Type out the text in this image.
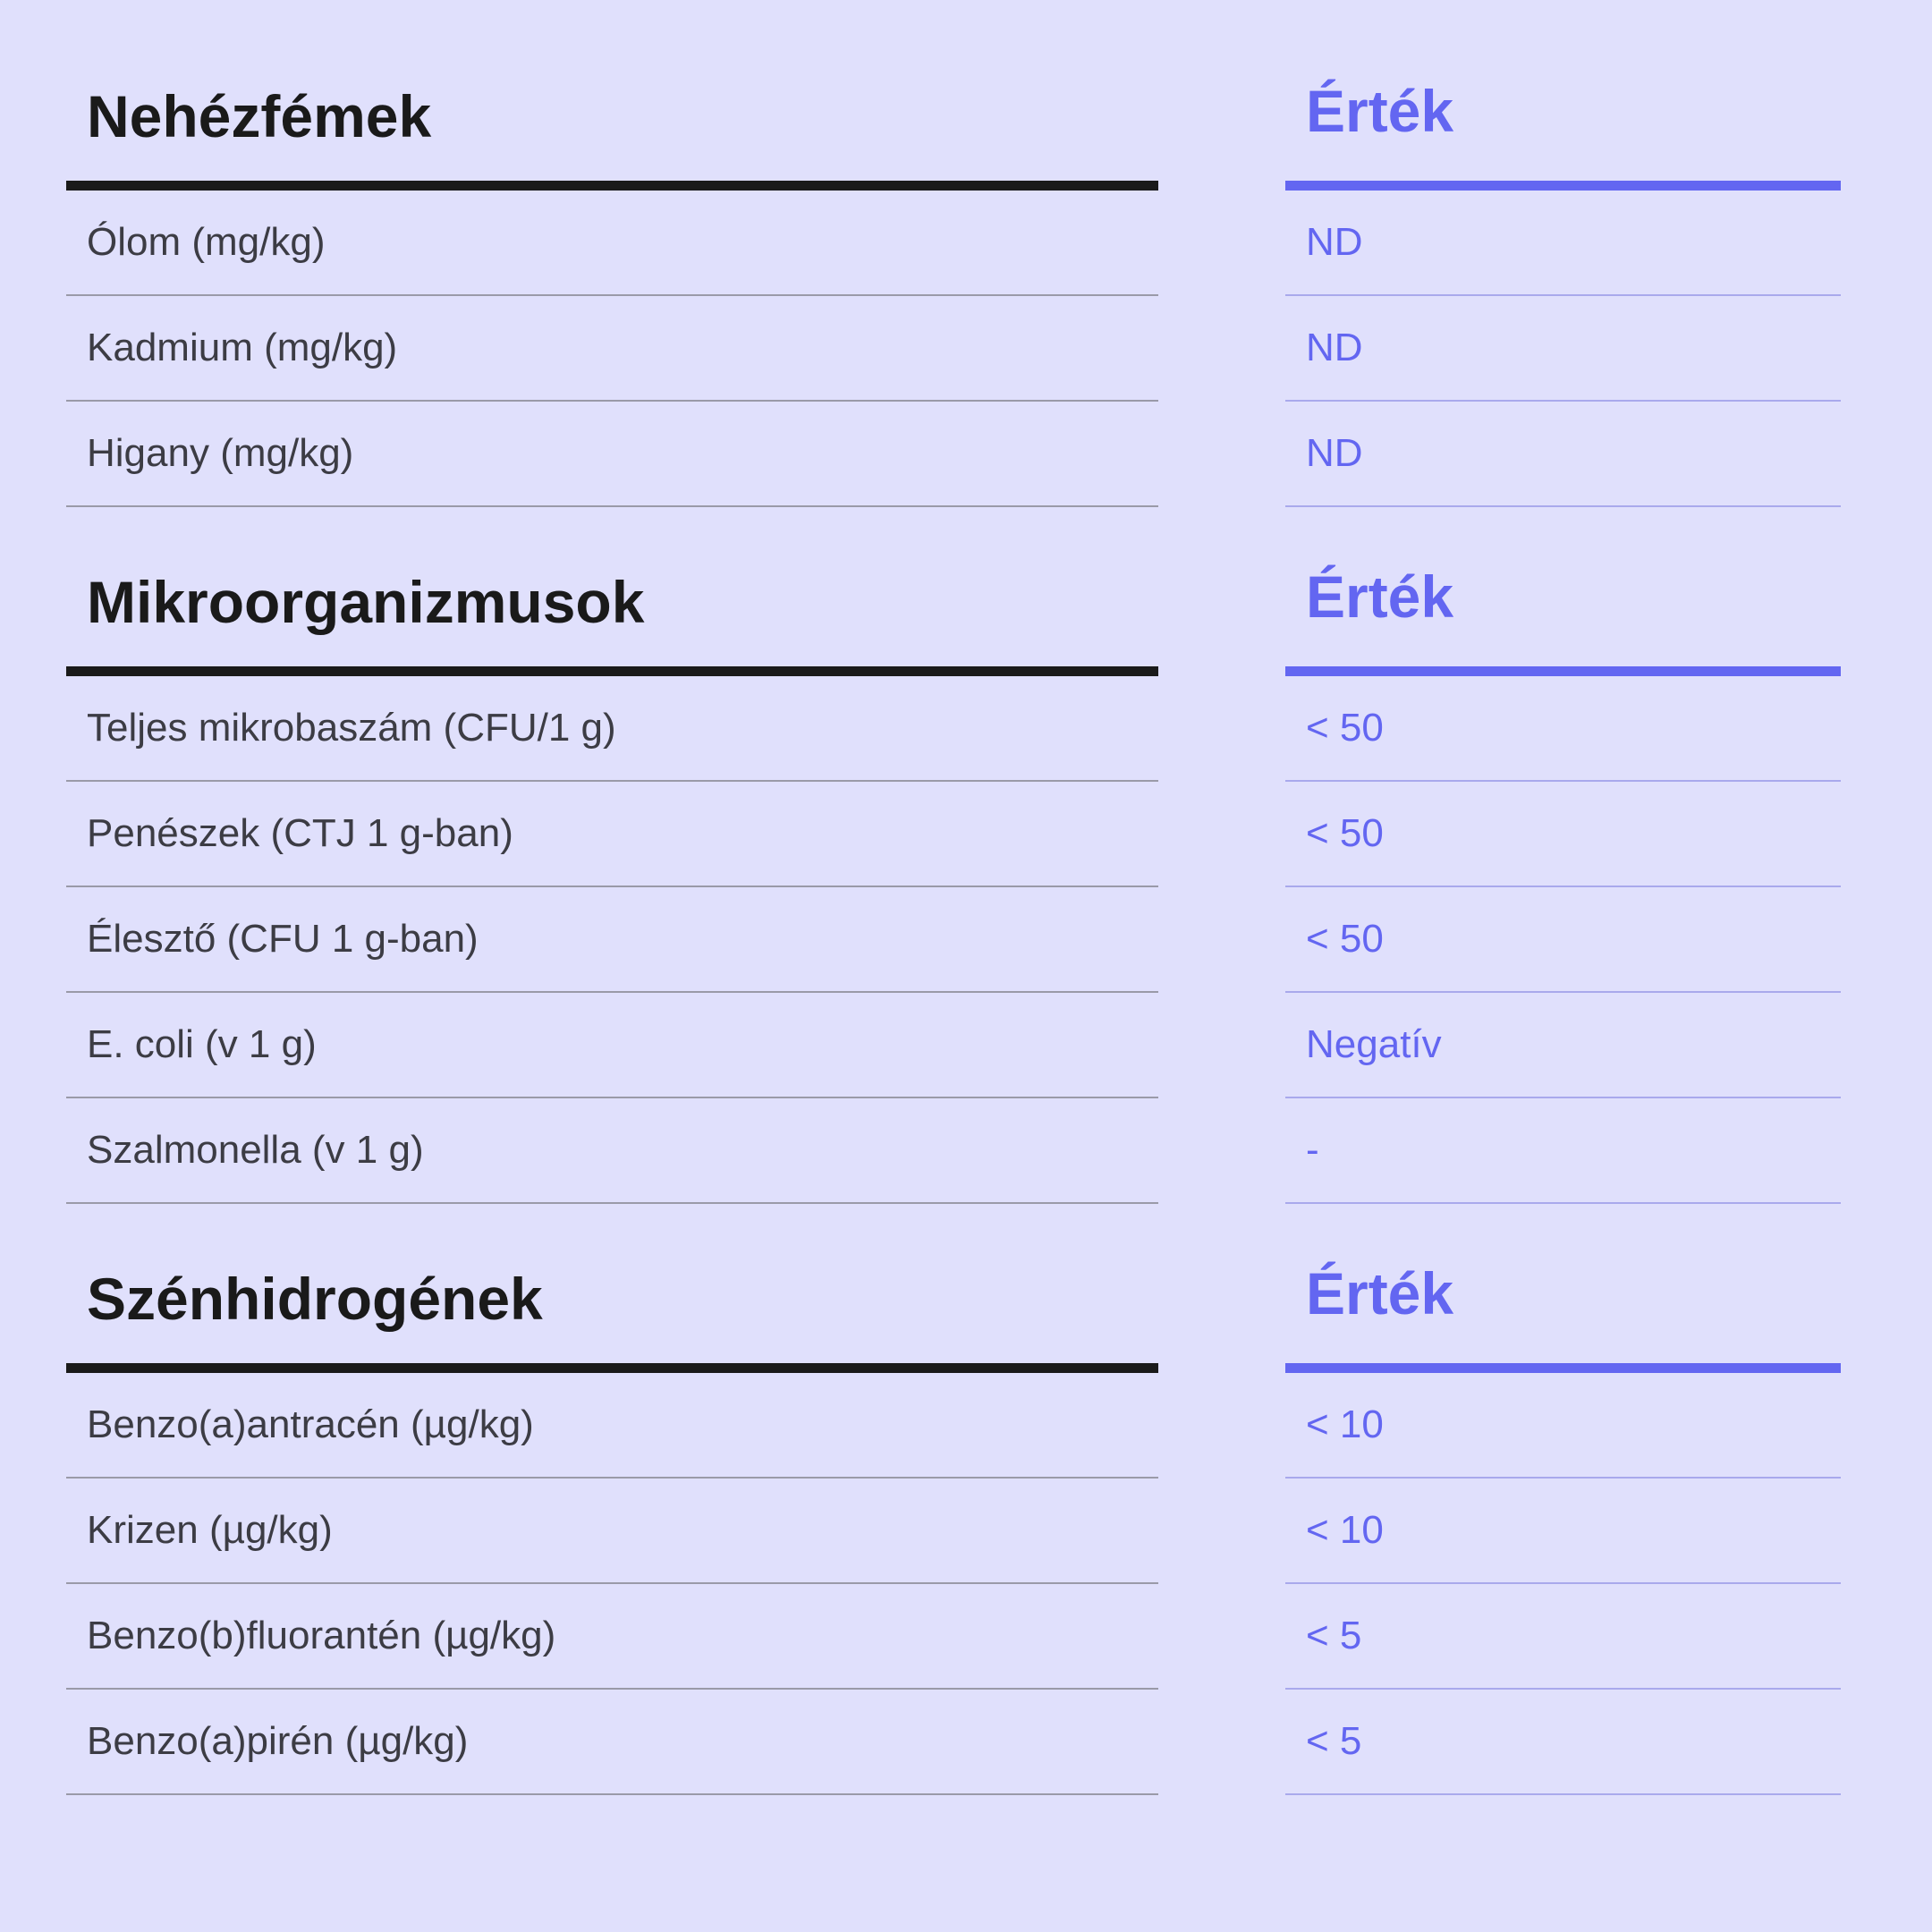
Nehézfémek
Ólom (mg/kg)
Kadmium (mg/kg)
Higany (mg/kg)
Érték
ND
ND
ND
Mikroorganizmusok
Teljes mikrobaszám (CFU/1 g)
Penészek (CTJ 1 g-ban)
Élesztő (CFU 1 g-ban)
E. coli (v 1 g)
Szalmonella (v 1 g)
Érték
< 50
< 50
< 50
Negatív
-
Szénhidrogének
Benzo(a)antracén (µg/kg)
Krizen (µg/kg)
Benzo(b)fluorantén (µg/kg)
Benzo(a)pirén (µg/kg)
Érték
< 10
< 10
< 5
< 5
